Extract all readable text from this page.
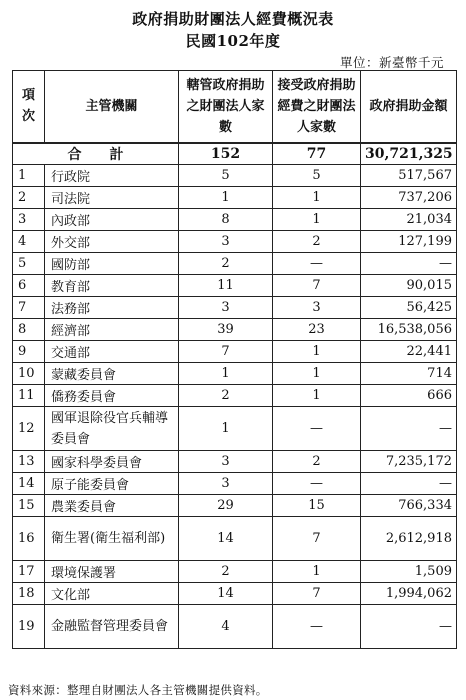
政府捐助財團法人經費概況表
民國102年度
單位：新臺幣千元
項次	主管機關	轄管政府捐助之財團法人家數	接受政府捐助經費之財團法人家數	政府捐助金額
合　　計		152	77	30,721,325
1	行政院	5	5	517,567
2	司法院	1	1	737,206
3	內政部	8	1	21,034
4	外交部	3	2	127,199
5	國防部	2	—	—
6	教育部	11	7	90,015
7	法務部	3	3	56,425
8	經濟部	39	23	16,538,056
9	交通部	7	1	22,441
10	蒙藏委員會	1	1	714
11	僑務委員會	2	1	666
12	國軍退除役官兵輔導委員會	1	—	—
13	國家科學委員會	3	2	7,235,172
14	原子能委員會	3	—	—
15	農業委員會	29	15	766,334
16	衛生署(衛生福利部)	14	7	2,612,918
17	環境保護署	2	1	1,509
18	文化部	14	7	1,994,062
19	金融監督管理委員會	4	—	—
資料來源：整理自財團法人各主管機關提供資料。
